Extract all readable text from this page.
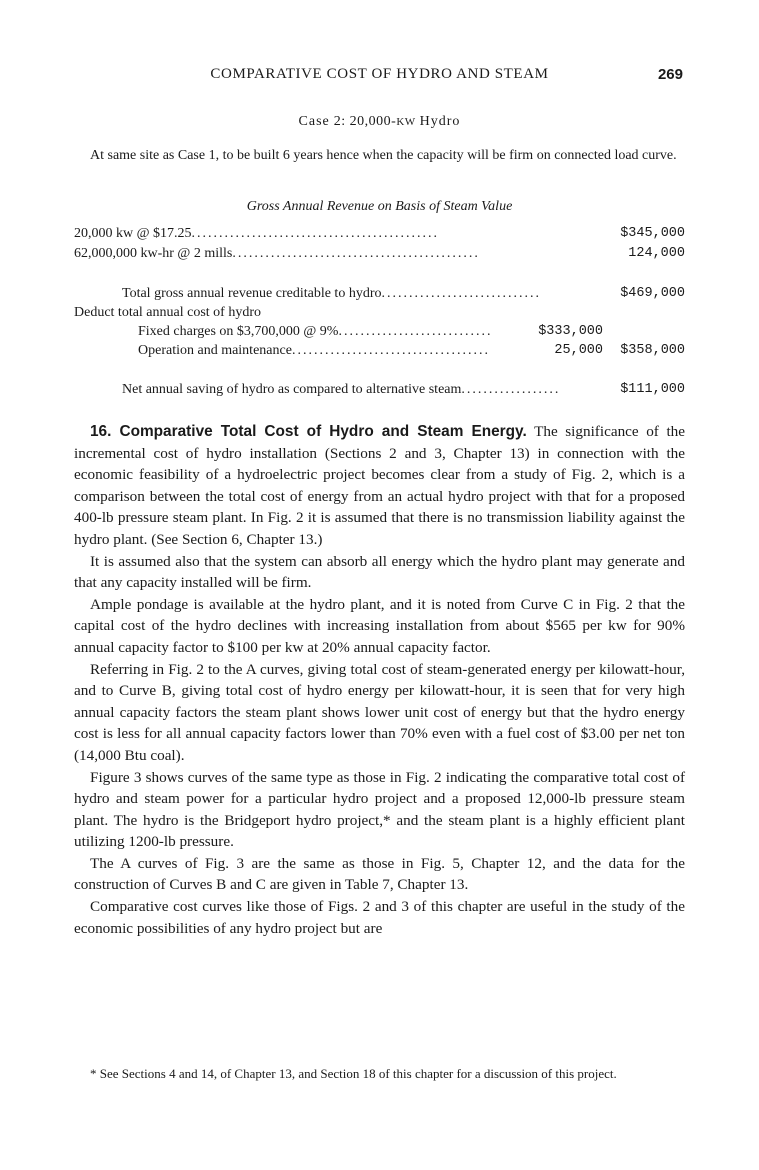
COMPARATIVE COST OF HYDRO AND STEAM	269
Case 2: 20,000-KW Hydro
At same site as Case 1, to be built 6 years hence when the capacity will be firm on connected load curve.
Gross Annual Revenue on Basis of Steam Value
20,000 kw @ $17.25.............................................	$345,000
62,000,000 kw-hr @ 2 mills.............................................	124,000
Total gross annual revenue creditable to hydro.............................	$469,000
Deduct total annual cost of hydro
Fixed charges on $3,700,000 @ 9%............................	$333,000
Operation and maintenance....................................	25,000 $358,000
Net annual saving of hydro as compared to alternative steam..................	$111,000

16. Comparative Total Cost of Hydro and Steam Energy. The significance of the incremental cost of hydro installation (Sections 2 and 3, Chapter 13) in connection with the economic feasibility of a hydroelectric project becomes clear from a study of Fig. 2, which is a comparison between the total cost of energy from an actual hydro project with that for a proposed 400-lb pressure steam plant. In Fig. 2 it is assumed that there is no transmission liability against the hydro plant. (See Section 6, Chapter 13.)

It is assumed also that the system can absorb all energy which the hydro plant may generate and that any capacity installed will be firm.

Ample pondage is available at the hydro plant, and it is noted from Curve C in Fig. 2 that the capital cost of the hydro declines with increasing installation from about $565 per kw for 90% annual capacity factor to $100 per kw at 20% annual capacity factor.

Referring in Fig. 2 to the A curves, giving total cost of steam-generated energy per kilowatt-hour, and to Curve B, giving total cost of hydro energy per kilowatt-hour, it is seen that for very high annual capacity factors the steam plant shows lower unit cost of energy but that the hydro energy cost is less for all annual capacity factors lower than 70% even with a fuel cost of $3.00 per net ton (14,000 Btu coal).

Figure 3 shows curves of the same type as those in Fig. 2 indicating the comparative total cost of hydro and steam power for a particular hydro project and a proposed 12,000-lb pressure steam plant. The hydro is the Bridgeport hydro project,* and the steam plant is a highly efficient plant utilizing 1200-lb pressure.

The A curves of Fig. 3 are the same as those in Fig. 5, Chapter 12, and the data for the construction of Curves B and C are given in Table 7, Chapter 13.

Comparative cost curves like those of Figs. 2 and 3 of this chapter are useful in the study of the economic possibilities of any hydro project but are

* See Sections 4 and 14, of Chapter 13, and Section 18 of this chapter for a discussion of this project.
